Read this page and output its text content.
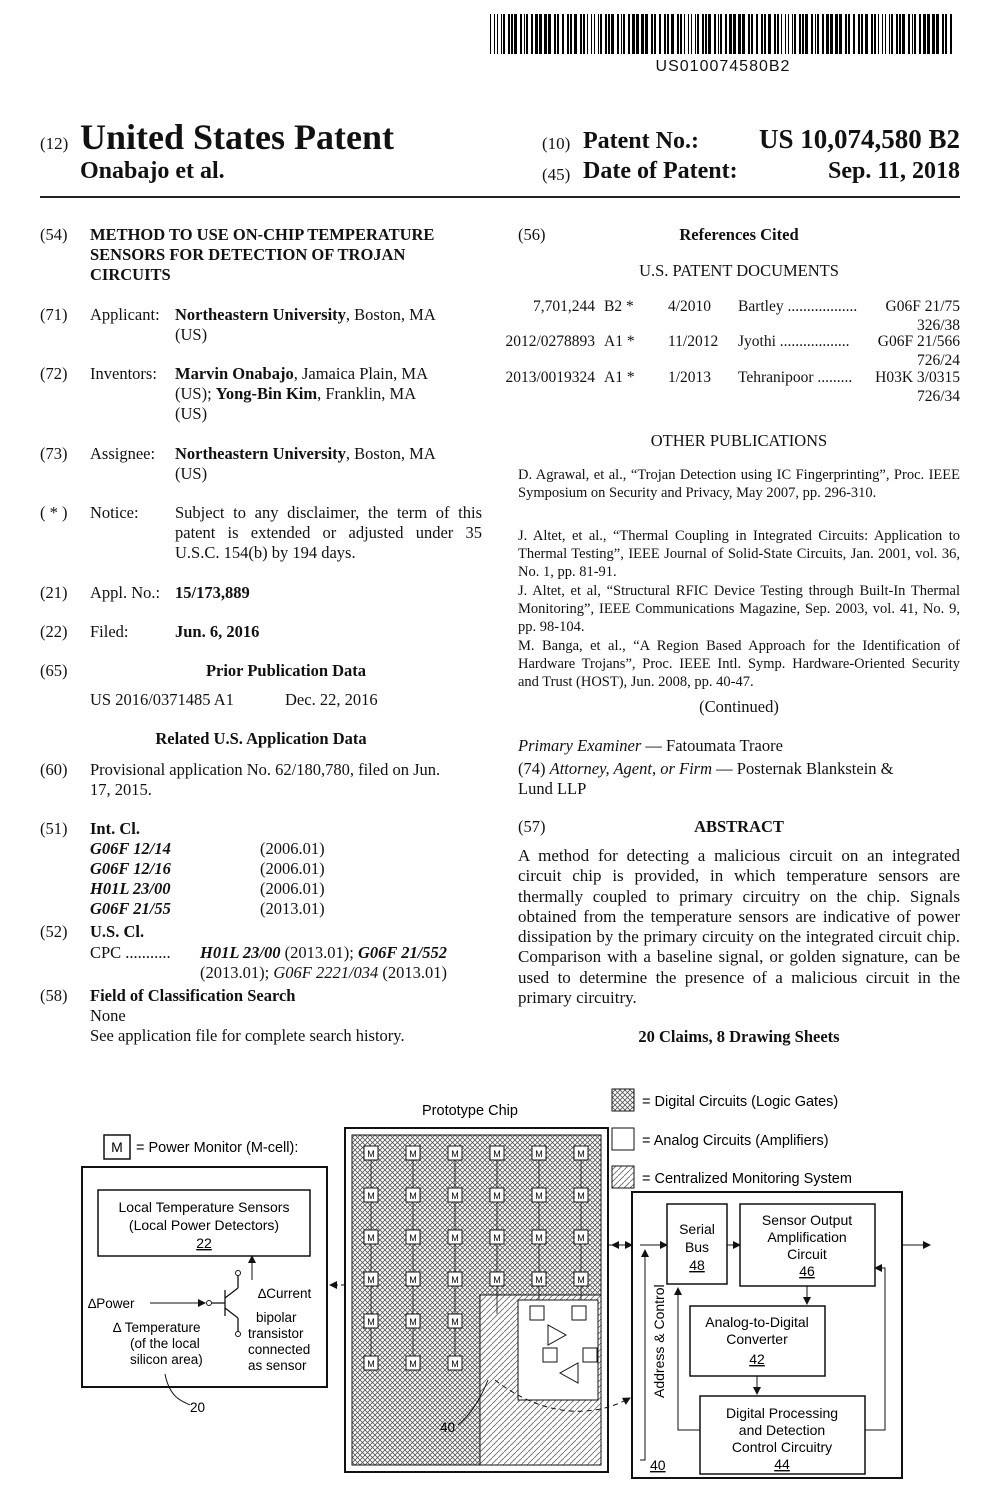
US010074580B2
(12) United States Patent
Onabajo et al.
(10) Patent No.: US 10,074,580 B2
(45) Date of Patent:	Sep. 11, 2018
(54)	METHOD TO USE ON-CHIP TEMPERATURE
SENSORS FOR DETECTION OF TROJAN
CIRCUITS
(71)	Applicant: Northeastern University, Boston, MA
(US)
(72)	Inventors: Marvin Onabajo, Jamaica Plain, MA
(US); Yong-Bin Kim, Franklin, MA
(US)
(73)	Assignee: Northeastern University, Boston, MA
(US)
( * )	Notice: Subject to any disclaimer, the term of this patent is extended or adjusted under 35 U.S.C. 154(b) by 194 days.
(21)	Appl. No.: 15/173,889
(22)	Filed:	Jun. 6, 2016
(65)	Prior Publication Data
US 2016/0371485 A1	Dec. 22, 2016
Related U.S. Application Data
(60)	Provisional application No. 62/180,780, filed on Jun.
17, 2015.
(51)	Int. Cl.
G06F 12/14	(2006.01)
G06F 12/16	(2006.01)
H01L 23/00	(2006.01)
G06F 21/55	(2013.01)
(52)	U.S. Cl.
CPC ........... H01L 23/00 (2013.01); G06F 21/552
(2013.01); G06F 2221/034 (2013.01)
(58)	Field of Classification Search
None
See application file for complete search history.
(56)	References Cited
U.S. PATENT DOCUMENTS
7,701,244 B2 * 4/2010 Bartley .................. G06F 21/75
326/38
2012/0278893 A1 * 11/2012 Jyothi .................. G06F 21/566
726/24
2013/0019324 A1 * 1/2013 Tehranipoor ......... H03K 3/0315
726/34
OTHER PUBLICATIONS
D. Agrawal, et al., “Trojan Detection using IC Fingerprinting”, Proc. IEEE Symposium on Security and Privacy, May 2007, pp. 296-310.
J. Altet, et al., “Thermal Coupling in Integrated Circuits: Application to Thermal Testing”, IEEE Journal of Solid-State Circuits, Jan. 2001, vol. 36, No. 1, pp. 81-91.
J. Altet, et al, “Structural RFIC Device Testing through Built-In Thermal Monitoring”, IEEE Communications Magazine, Sep. 2003, vol. 41, No. 9, pp. 98-104.
M. Banga, et al., “A Region Based Approach for the Identification of Hardware Trojans”, Proc. IEEE Intl. Symp. Hardware-Oriented Security and Trust (HOST), Jun. 2008, pp. 40-47.
(Continued)
Primary Examiner — Fatoumata Traore
(74) Attorney, Agent, or Firm — Posternak Blankstein &
Lund LLP
(57)	ABSTRACT
A method for detecting a malicious circuit on an integrated circuit chip is provided, in which temperature sensors are thermally coupled to primary circuitry on the chip. Signals obtained from the temperature sensors are indicative of power dissipation by the primary circuity on the integrated circuit chip. Comparison with a baseline signal, or golden signature, can be used to determine the presence of a malicious circuit in the primary circuitry.
20 Claims, 8 Drawing Sheets
= Digital Circuits (Logic Gates)
= Analog Circuits (Amplifiers)
= Centralized Monitoring System
Prototype Chip
M	M	M	M	M	M
M	M	M	M	M	M
M	M	M	M	M	M
M	M	M	M	M	M
M	M	M
M	M	M
M = Power Monitor (M-cell):
Local Temperature Sensors
(Local Power Detectors)
22
∆Power
∆Current
∆ Temperature
(of the local
silicon area)
bipolar
transistor
connected
as sensor
20
40
Serial
Bus
48
Sensor Output
Amplification
Circuit
46
Analog-to-Digital
Converter
42
Digital Processing
and Detection
Control Circuitry
44
Address & Control
40
